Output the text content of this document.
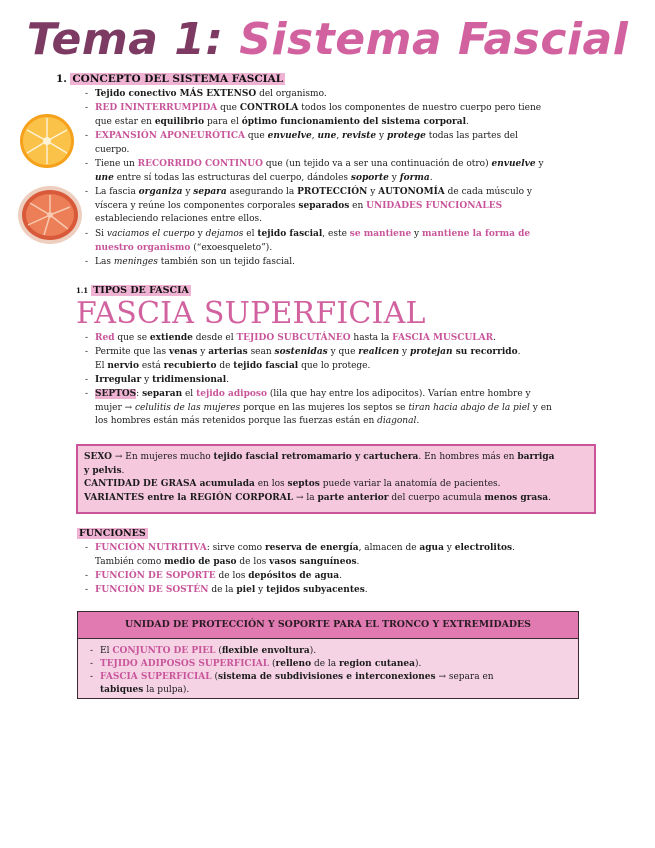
Tema 1: Sistema Fascial
1. CONCEPTO DEL SISTEMA FASCIAL
- Tejido conectivo MÁS EXTENSO del organismo.
- RED ININTERRUMPIDA que CONTROLA todos los componentes de nuestro cuerpo pero tiene
que estar en equilibrio para el óptimo funcionamiento del sistema corporal.
- EXPANSIÓN APONEURÓTICA que envuelve, une, reviste y protege todas las partes del
cuerpo.
- Tiene un RECORRIDO CONTINUO que (un tejido va a ser una continuación de otro) envuelve y
une entre sí todas las estructuras del cuerpo, dándoles soporte y forma.
- La fascia organiza y separa asegurando la PROTECCIÓN y AUTONOMÍA de cada músculo y
víscera y reúne los componentes corporales separados en UNIDADES FUNCIONALES
estableciendo relaciones entre ellos.
- Si vaciamos el cuerpo y dejamos el tejido fascial, este se mantiene y mantiene la forma de
nuestro organismo (“exoesqueleto”).
- Las meninges también son un tejido fascial.
1.1 TIPOS DE FASCIA
FASCIA SUPERFICIAL
- Red que se extiende desde el TEJIDO SUBCUTÁNEO hasta la FASCIA MUSCULAR.
- Permite que las venas y arterias sean sostenidas y que realicen y protejan su recorrido.
El nervio está recubierto de tejido fascial que lo protege.
- Irregular y tridimensional.
- SEPTOS: separan el tejido adiposo (lila que hay entre los adipocitos). Varían entre hombre y
mujer → celulitis de las mujeres porque en las mujeres los septos se tiran hacia abajo de la piel y en
los hombres están más retenidos porque las fuerzas están en diagonal.
SEXO → En mujeres mucho tejido fascial retromamario y cartuchera. En hombres más en barriga
y pelvis.
CANTIDAD DE GRASA acumulada en los septos puede variar la anatomía de pacientes.
VARIANTES entre la REGIÓN CORPORAL → la parte anterior del cuerpo acumula menos grasa.
FUNCIONES
- FUNCIÓN NUTRITIVA: sirve como reserva de energía, almacen de agua y electrolitos.
También como medio de paso de los vasos sanguíneos.
- FUNCIÓN DE SOPORTE de los depósitos de agua.
- FUNCIÓN DE SOSTÉN de la piel y tejidos subyacentes.
UNIDAD DE PROTECCIÓN Y SOPORTE PARA EL TRONCO Y EXTREMIDADES
- El CONJUNTO DE PIEL (flexible envoltura).
- TEJIDO ADIPOSOS SUPERFICIAL (relleno de la region cutanea).
- FASCIA SUPERFICIAL (sistema de subdivisiones e interconexiones → separa en
tabiques la pulpa).
